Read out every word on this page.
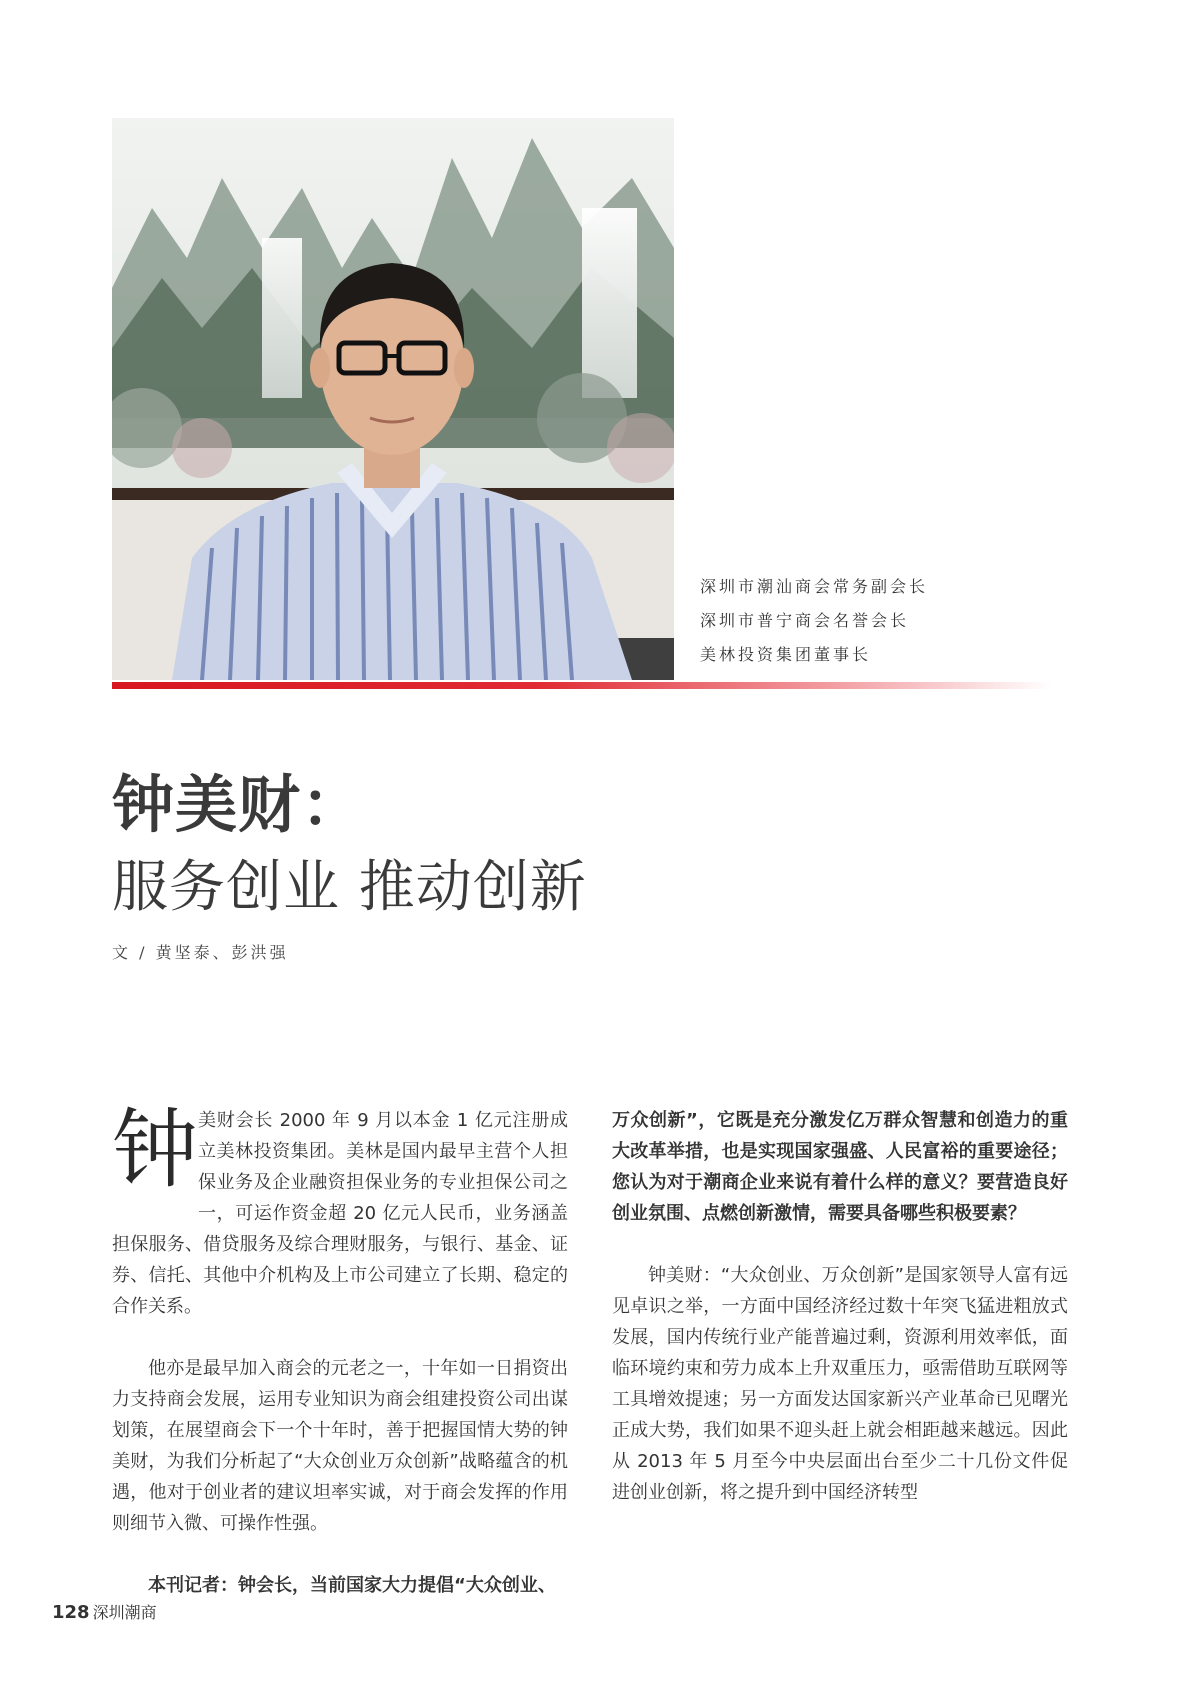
深圳市潮汕商会常务副会长
深圳市普宁商会名誉会长
美林投资集团董事长
钟美财：
服务创业 推动创新
文 / 黄坚泰、彭洪强

钟 美财会长 2000 年 9 月以本金 1 亿元注册成立美林投资集团。美林是国内最早主营个人担保业务及企业融资担保业务的专业担保公司之一，可运作资金超 20 亿元人民币，业务涵盖担保服务、借贷服务及综合理财服务，与银行、基金、证券、信托、其他中介机构及上市公司建立了长期、稳定的合作关系。

他亦是最早加入商会的元老之一，十年如一日捐资出力支持商会发展，运用专业知识为商会组建投资公司出谋划策，在展望商会下一个十年时，善于把握国情大势的钟美财，为我们分析起了“大众创业万众创新”战略蕴含的机遇，他对于创业者的建议坦率实诚，对于商会发挥的作用则细节入微、可操作性强。

本刊记者：钟会长，当前国家大力提倡“大众创业、

万众创新”，它既是充分激发亿万群众智慧和创造力的重大改革举措，也是实现国家强盛、人民富裕的重要途径；您认为对于潮商企业来说有着什么样的意义？要营造良好创业氛围、点燃创新激情，需要具备哪些积极要素？

钟美财：“大众创业、万众创新”是国家领导人富有远见卓识之举，一方面中国经济经过数十年突飞猛进粗放式发展，国内传统行业产能普遍过剩，资源利用效率低，面临环境约束和劳力成本上升双重压力，亟需借助互联网等工具增效提速；另一方面发达国家新兴产业革命已见曙光正成大势，我们如果不迎头赶上就会相距越来越远。因此从 2013 年 5 月至今中央层面出台至少二十几份文件促进创业创新，将之提升到中国经济转型

128 深圳潮商
